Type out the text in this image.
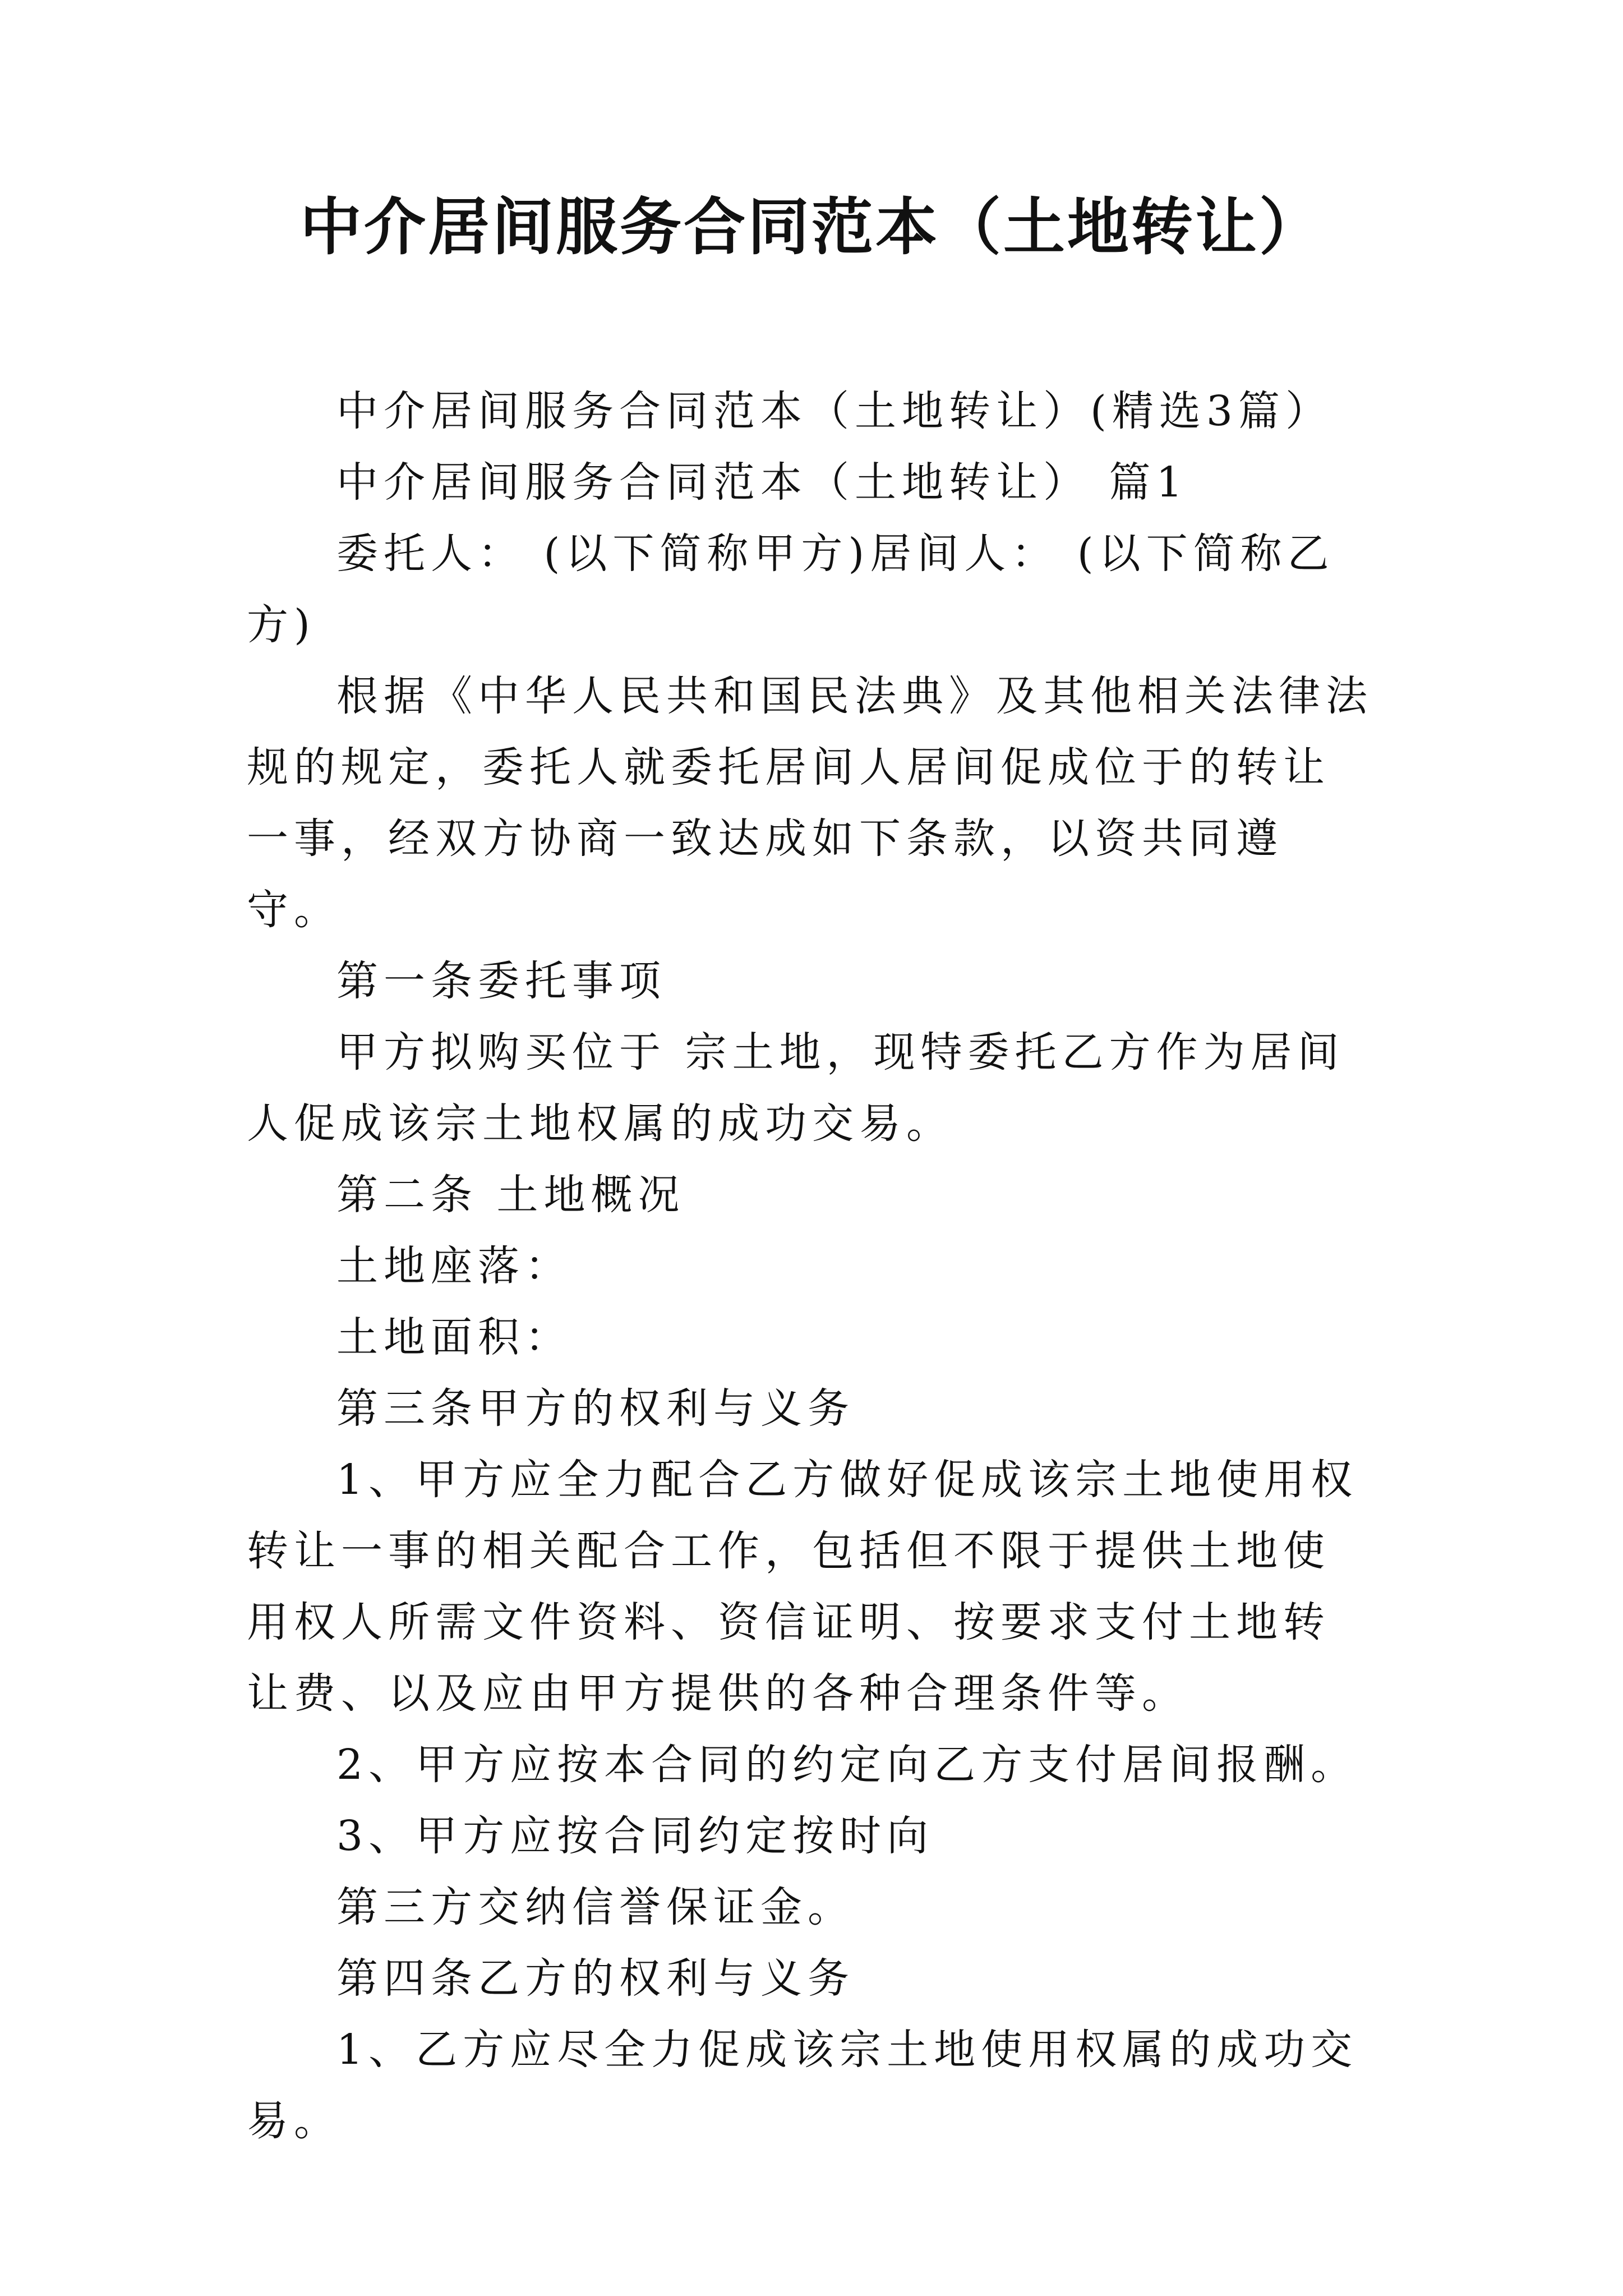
中介居间服务合同范本（土地转让）

中介居间服务合同范本（土地转让）(精选3篇）

中介居间服务合同范本（土地转让） 篇1

委托人： (以下简称甲方)居间人： (以下简称乙方)

根据《中华人民共和国民法典》及其他相关法律法规的规定，委托人就委托居间人居间促成位于的转让一事，经双方协商一致达成如下条款，以资共同遵守。

第一条委托事项

甲方拟购买位于 宗土地，现特委托乙方作为居间人促成该宗土地权属的成功交易。

第二条 土地概况

土地座落：

土地面积：

第三条甲方的权利与义务

1、甲方应全力配合乙方做好促成该宗土地使用权转让一事的相关配合工作，包括但不限于提供土地使用权人所需文件资料、资信证明、按要求支付土地转让费、以及应由甲方提供的各种合理条件等。

2、甲方应按本合同的约定向乙方支付居间报酬。

3、甲方应按合同约定按时向

第三方交纳信誉保证金。

第四条乙方的权利与义务

1、乙方应尽全力促成该宗土地使用权属的成功交易。
